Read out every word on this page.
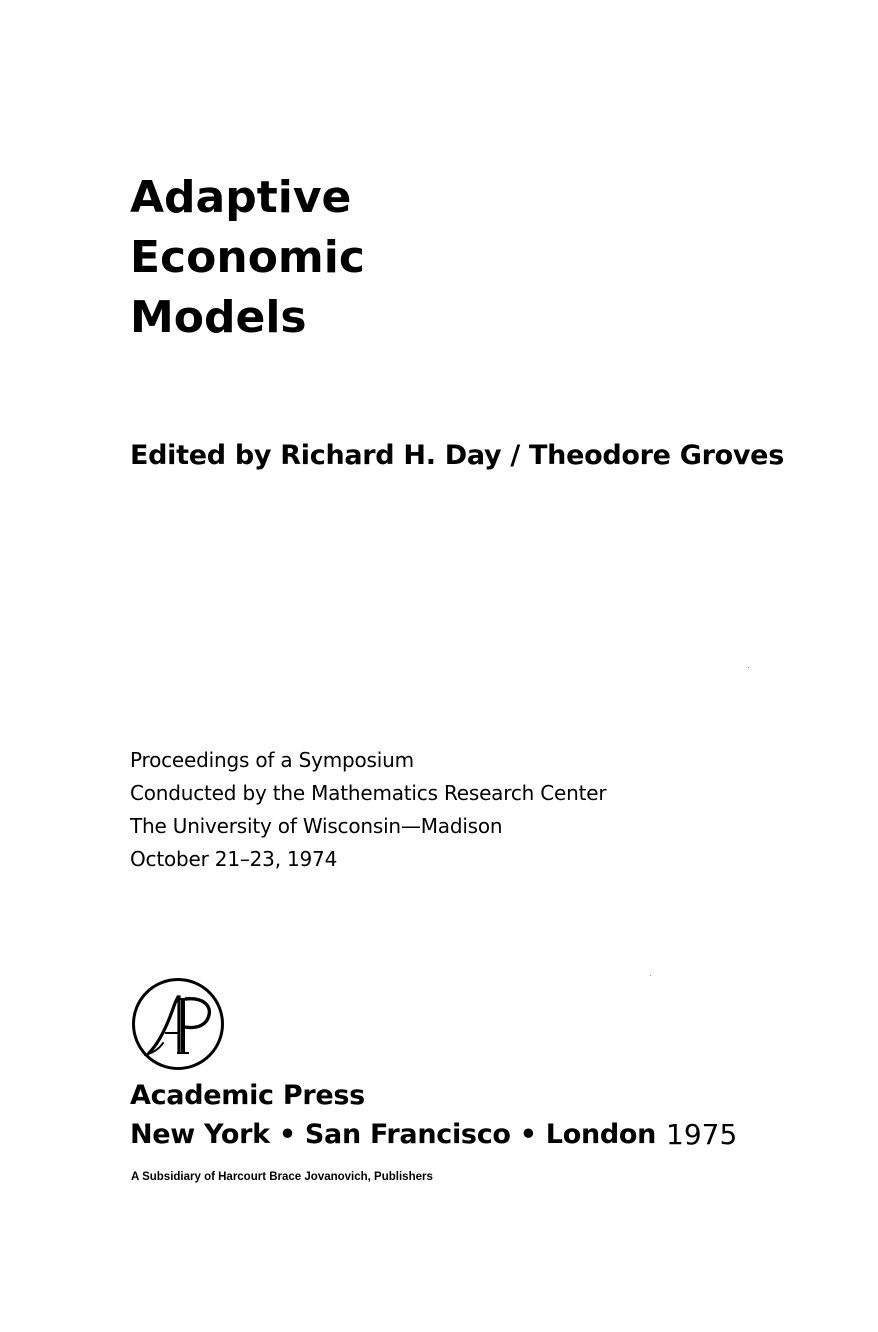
Adaptive
Economic
Models
Edited by Richard H. Day / Theodore Groves
Proceedings of a Symposium
Conducted by the Mathematics Research Center
The University of Wisconsin—Madison
October 21–23, 1974
Academic Press
New York • San Francisco • London 1975
A Subsidiary of Harcourt Brace Jovanovich, Publishers
